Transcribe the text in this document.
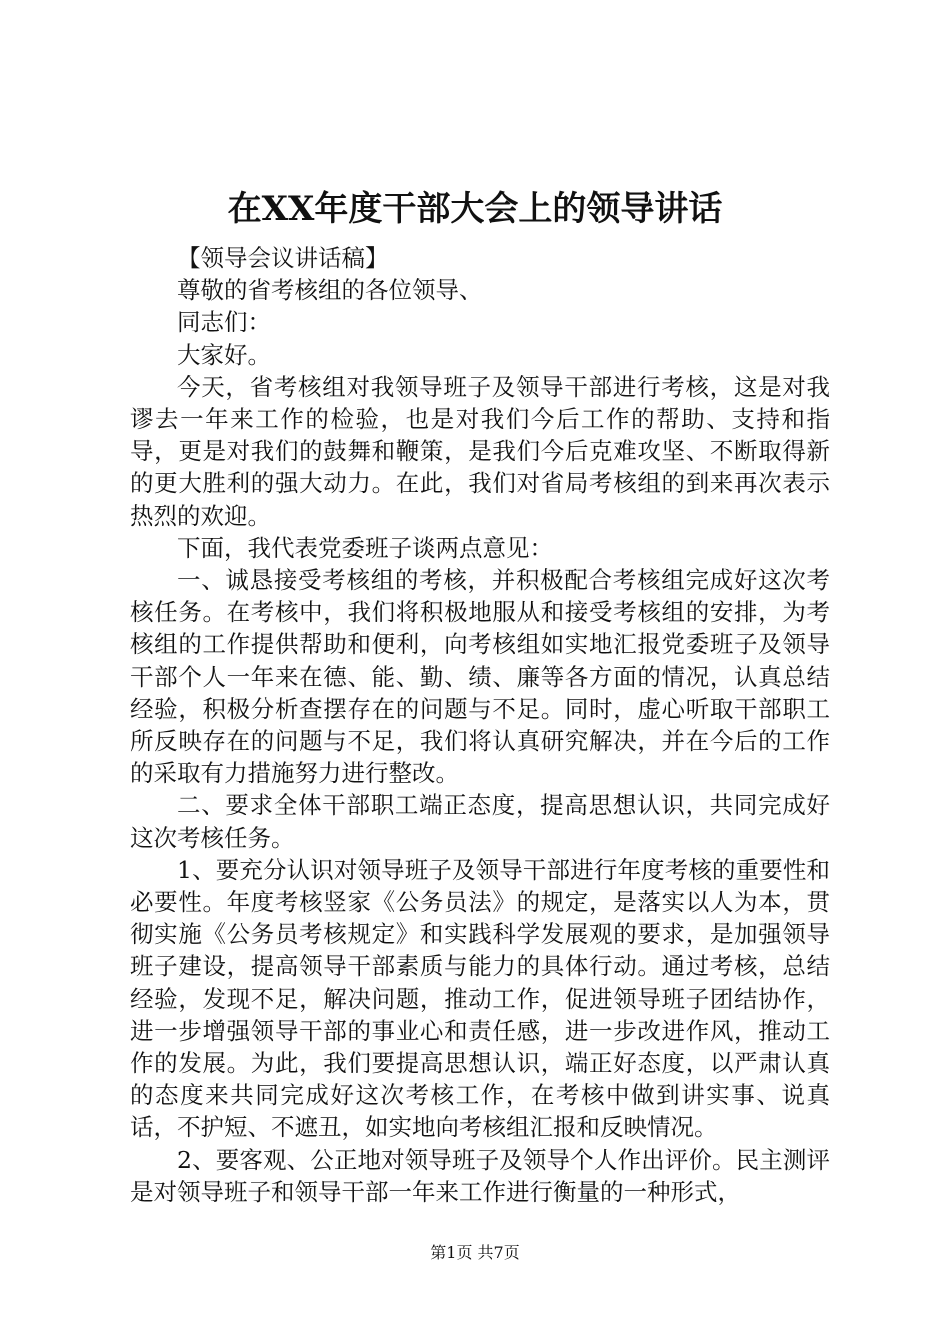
在XX年度干部大会上的领导讲话

【领导会议讲话稿】

尊敬的省考核组的各位领导、

同志们：

大家好。

今天，省考核组对我领导班子及领导干部进行考核，这是对我谬去一年来工作的检验，也是对我们今后工作的帮助、支持和指导，更是对我们的鼓舞和鞭策，是我们今后克难攻坚、不断取得新的更大胜利的强大动力。在此，我们对省局考核组的到来再次表示热烈的欢迎。

下面，我代表党委班子谈两点意见：

一、诚恳接受考核组的考核，并积极配合考核组完成好这次考核任务。在考核中，我们将积极地服从和接受考核组的安排，为考核组的工作提供帮助和便利，向考核组如实地汇报党委班子及领导干部个人一年来在德、能、勤、绩、廉等各方面的情况，认真总结经验，积极分析查摆存在的问题与不足。同时，虚心听取干部职工所反映存在的问题与不足，我们将认真研究解决，并在今后的工作的采取有力措施努力进行整改。

二、要求全体干部职工端正态度，提高思想认识，共同完成好这次考核任务。

1、要充分认识对领导班子及领导干部进行年度考核的重要性和必要性。年度考核竖家《公务员法》的规定，是落实以人为本，贯彻实施《公务员考核规定》和实践科学发展观的要求，是加强领导班子建设，提高领导干部素质与能力的具体行动。通过考核，总结经验，发现不足，解决问题，推动工作，促进领导班子团结协作，进一步增强领导干部的事业心和责任感，进一步改进作风，推动工作的发展。为此，我们要提高思想认识，端正好态度，以严肃认真的态度来共同完成好这次考核工作，在考核中做到讲实事、说真话，不护短、不遮丑，如实地向考核组汇报和反映情况。

2、要客观、公正地对领导班子及领导个人作出评价。民主测评是对领导班子和领导干部一年来工作进行衡量的一种形式，

第1页 共7页
